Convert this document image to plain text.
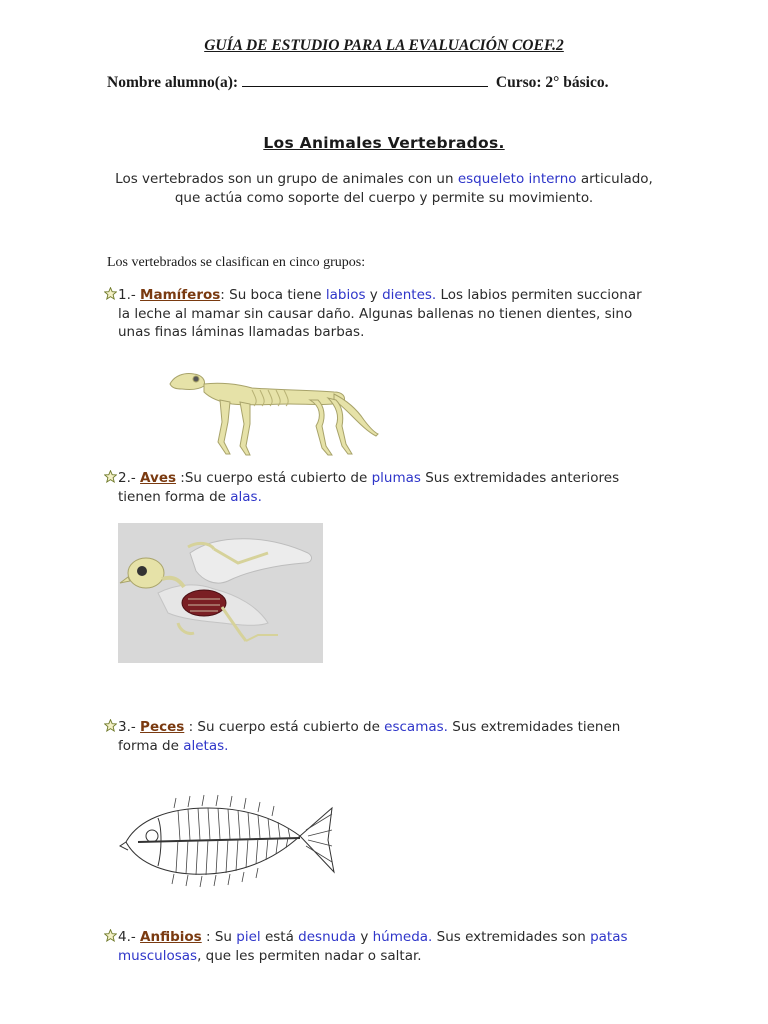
GUÍA DE ESTUDIO PARA LA EVALUACIÓN COEF.2
Nombre alumno(a):	Curso: 2° básico.
Los Animales Vertebrados.
Los vertebrados son un grupo de animales con un esqueleto interno articulado,
que actúa como soporte del cuerpo y permite su movimiento.
Los vertebrados se clasifican en cinco grupos:
1.- Mamíferos: Su boca tiene labios y dientes. Los labios permiten succionar
la leche al mamar sin causar daño. Algunas ballenas no tienen dientes, sino
unas finas láminas llamadas barbas.
2.- Aves :Su cuerpo está cubierto de plumas Sus extremidades anteriores
tienen forma de alas.
3.- Peces : Su cuerpo está cubierto de escamas. Sus extremidades tienen
forma de aletas.
4.- Anfibios : Su piel está desnuda y húmeda. Sus extremidades son patas
musculosas, que les permiten nadar o saltar.
